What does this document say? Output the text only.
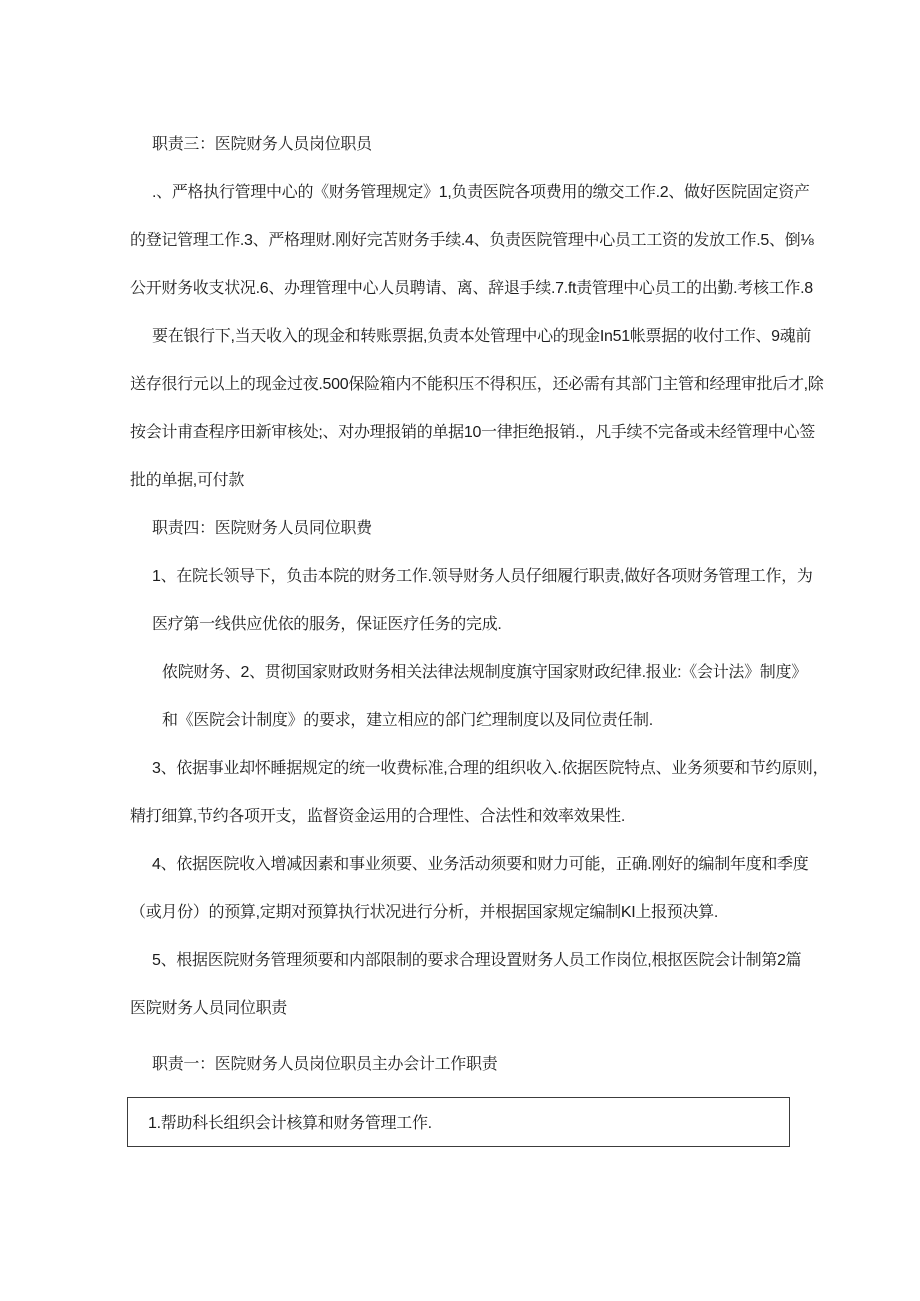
职责三：医院财务人员岗位职员
.、严格执行管理中心的《财务管理规定》1,负责医院各项费用的缴交工作.2、做好医院固定资产
的登记管理工作.3、严格理财.刚好完苫财务手续.4、负责医院管理中心员工工资的发放工作.5、倒⅛
公开财务收支状况.6、办理管理中心人员聘请、离、辞退手续.7.ft责管理中心员工的出勤.考核工作.8
要在银行下,当天收入的现金和转账票据,负责本处管理中心的现金In51帐票据的收付工作、9魂前
送存很行元以上的现金过夜.500保险箱内不能积压不得积压，还必需有其部门主管和经理审批后才,除
按会计甫查程序田新审核处;、对办理报销的单据10一律拒绝报销.，凡手续不完备或未经管理中心签
批的单据,可付款
职责四：医院财务人员同位职费
1、在院长领导下，负击本院的财务工作.领导财务人员仔细履行职责,做好各项财务管理工作，为
医疗第一线供应优依的服务，保证医疗任务的完成.
侬院财务、2、贯彻国家财政财务相关法律法规制度旗守国家财政纪律.报业:《会计法》制度》
和《医院会计制度》的要求，建立相应的郃门纻理制度以及同位责任制.
3、依据事业却怀睡据规定的统一收费标准,合理的组织收入.依据医院特点、业务须要和节约原则，
精打细算,节约各项开支，监督资金运用的合理性、合法性和效率效果性.
4、依据医院收入增减因素和事业须要、业务活动须要和财力可能，正确.刚好的编制年度和季度
（或月份）的预算,定期对预算执行状况进行分析，并根据国家规定编制KI上报预决算.
5、根据医院财务管理须要和内部限制的要求合理设置财务人员工作岗位,根抠医院会计制第2篇
医院财务人员同位职责
职责一：医院财务人员岗位职员主办会计工作职责
1.帮助科长组织会计核算和财务管理工作.
